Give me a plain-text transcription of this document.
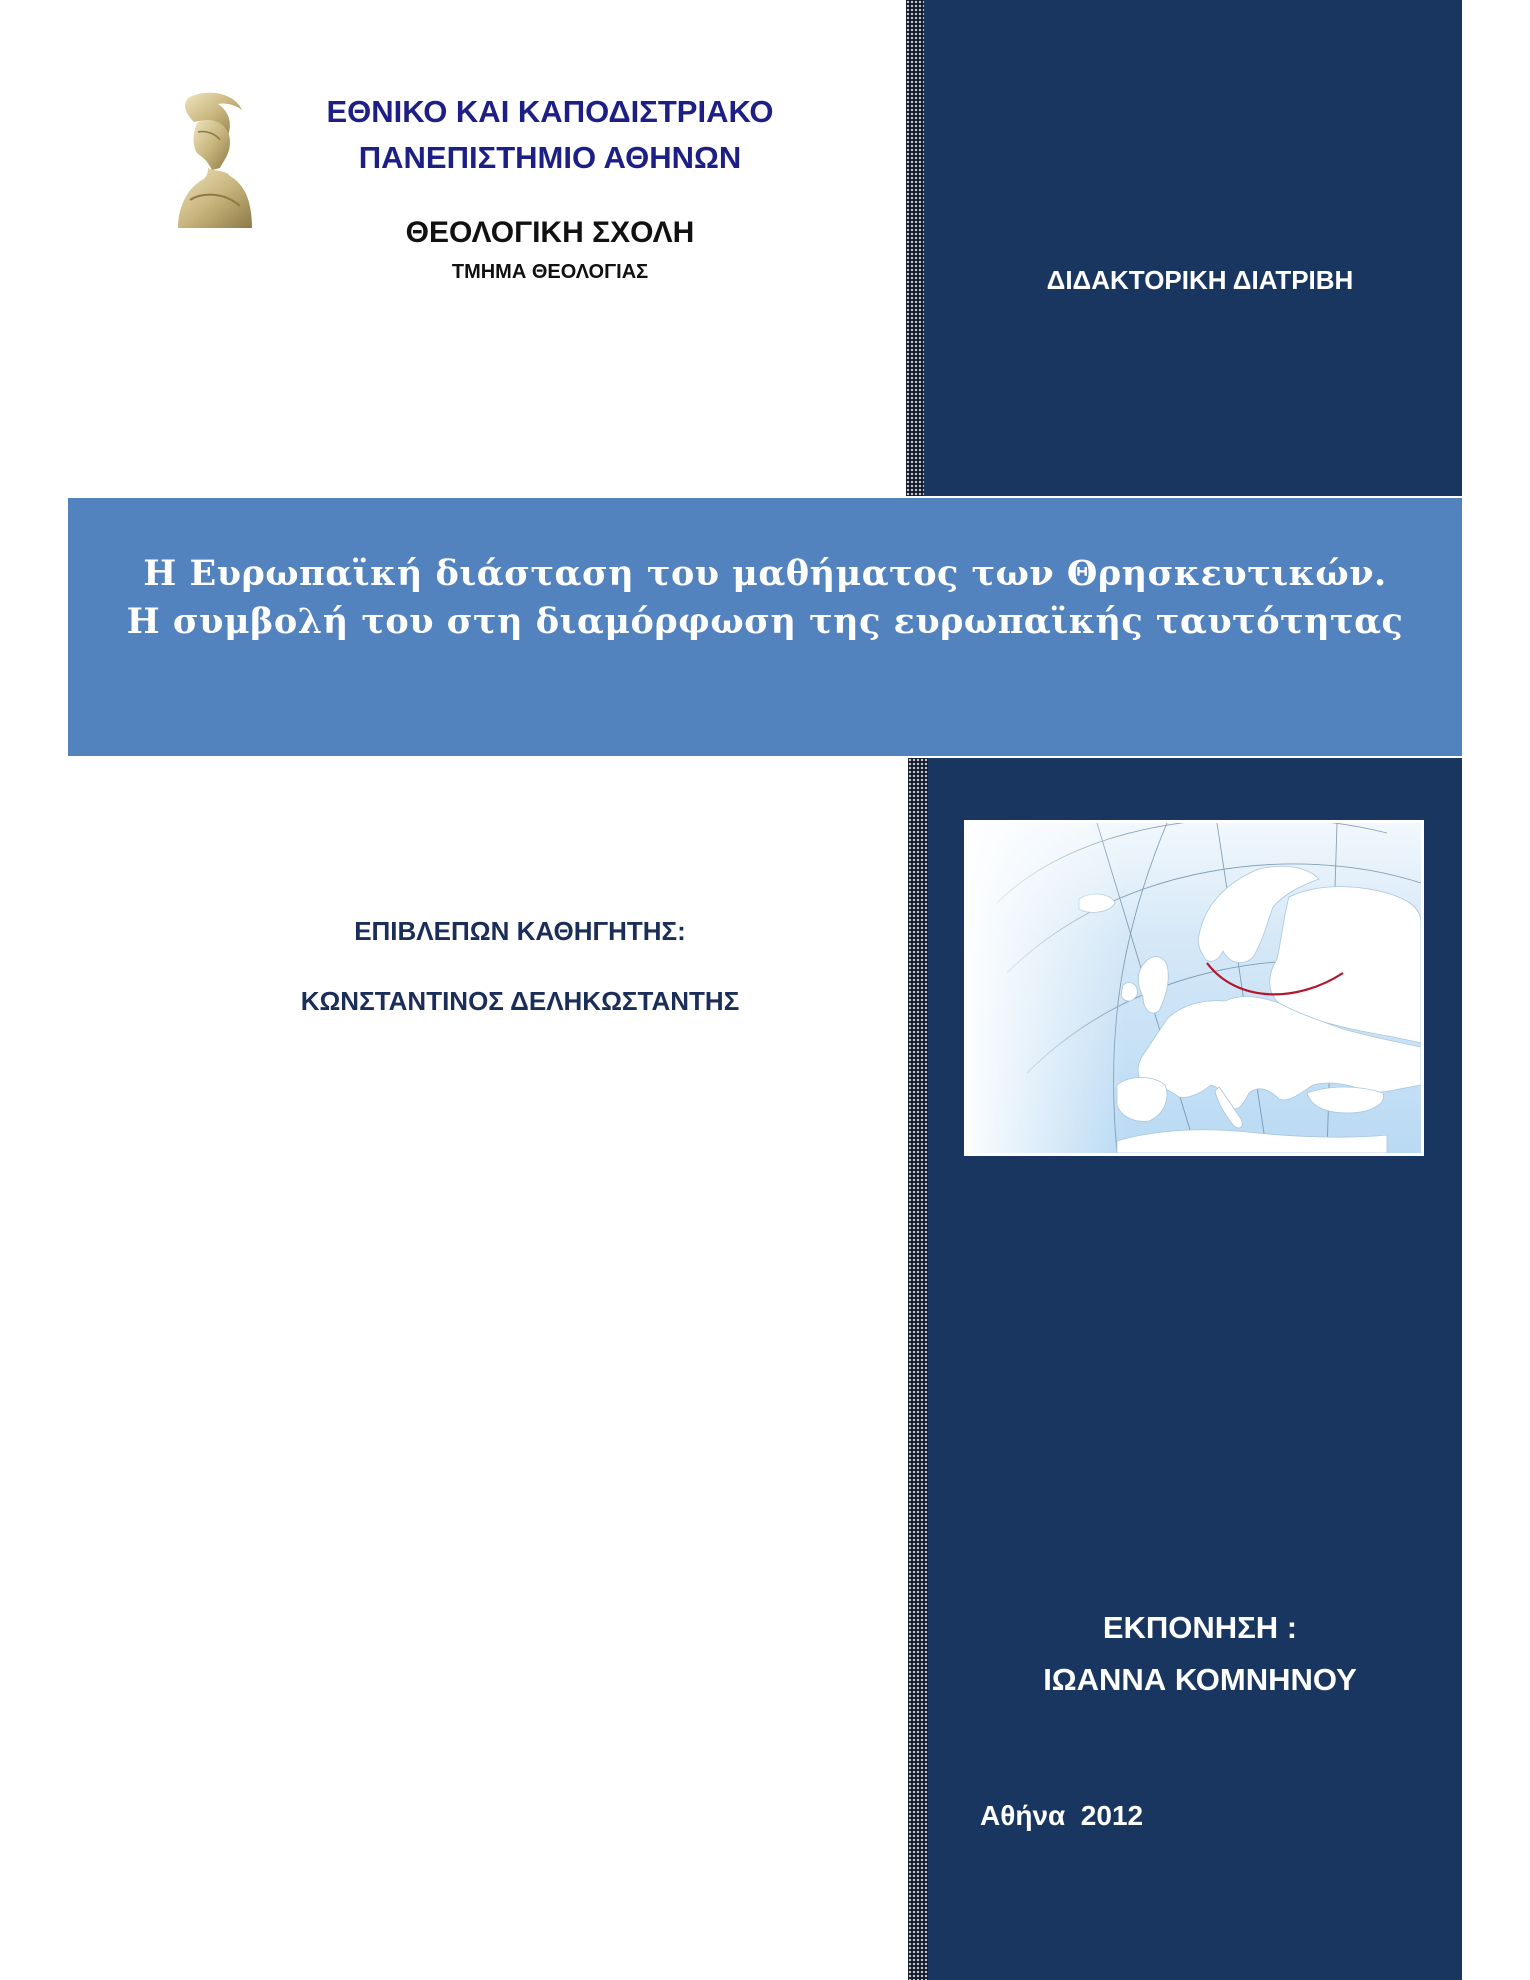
ΕΘΝΙΚΟ ΚΑΙ ΚΑΠΟΔΙΣΤΡΙΑΚΟ
ΠΑΝΕΠΙΣΤΗΜΙΟ ΑΘΗΝΩΝ
ΘΕΟΛΟΓΙΚΗ ΣΧΟΛΗ
ΤΜΗΜΑ ΘΕΟΛΟΓΙΑΣ	ΔΙΔΑΚΤΟΡΙΚΗ ΔΙΑΤΡΙΒΗ
Η Ευρωπαϊκή διάσταση του μαθήματος των Θρησκευτικών.
Η συμβολή του στη διαμόρφωση της ευρωπαϊκής ταυτότητας
ΕΠΙΒΛΕΠΩΝ ΚΑΘΗΓΗΤΗΣ:
ΚΩΝΣΤΑΝΤΙΝΟΣ ΔΕΛΗΚΩΣΤΑΝΤΗΣ
ΕΚΠΟΝΗΣΗ :
ΙΩΑΝΝΑ ΚΟΜΝΗΝΟΥ
Αθήνα  2012
